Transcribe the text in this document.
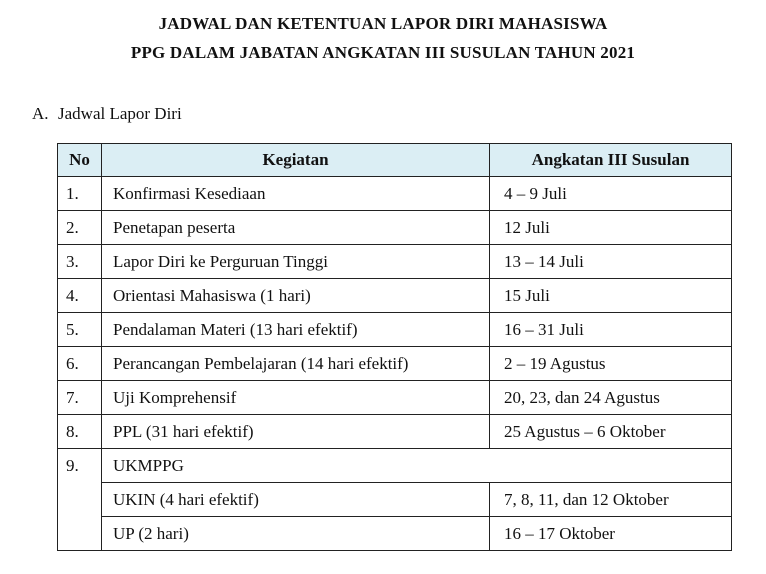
JADWAL DAN KETENTUAN LAPOR DIRI MAHASISWA
PPG DALAM JABATAN ANGKATAN III SUSULAN TAHUN 2021
A. Jadwal Lapor Diri
No	Kegiatan	Angkatan III Susulan
1.	Konfirmasi Kesediaan	4 – 9 Juli
2.	Penetapan peserta	12 Juli
3.	Lapor Diri ke Perguruan Tinggi	13 – 14 Juli
4.	Orientasi Mahasiswa (1 hari)	15 Juli
5.	Pendalaman Materi (13 hari efektif)	16 – 31 Juli
6.	Perancangan Pembelajaran (14 hari efektif)	2 – 19 Agustus
7.	Uji Komprehensif	20, 23, dan 24 Agustus
8.	PPL (31 hari efektif)	25 Agustus – 6 Oktober
9.	UKMPPG	
	UKIN (4 hari efektif)	7, 8, 11, dan 12 Oktober
	UP (2 hari)	16 – 17 Oktober
